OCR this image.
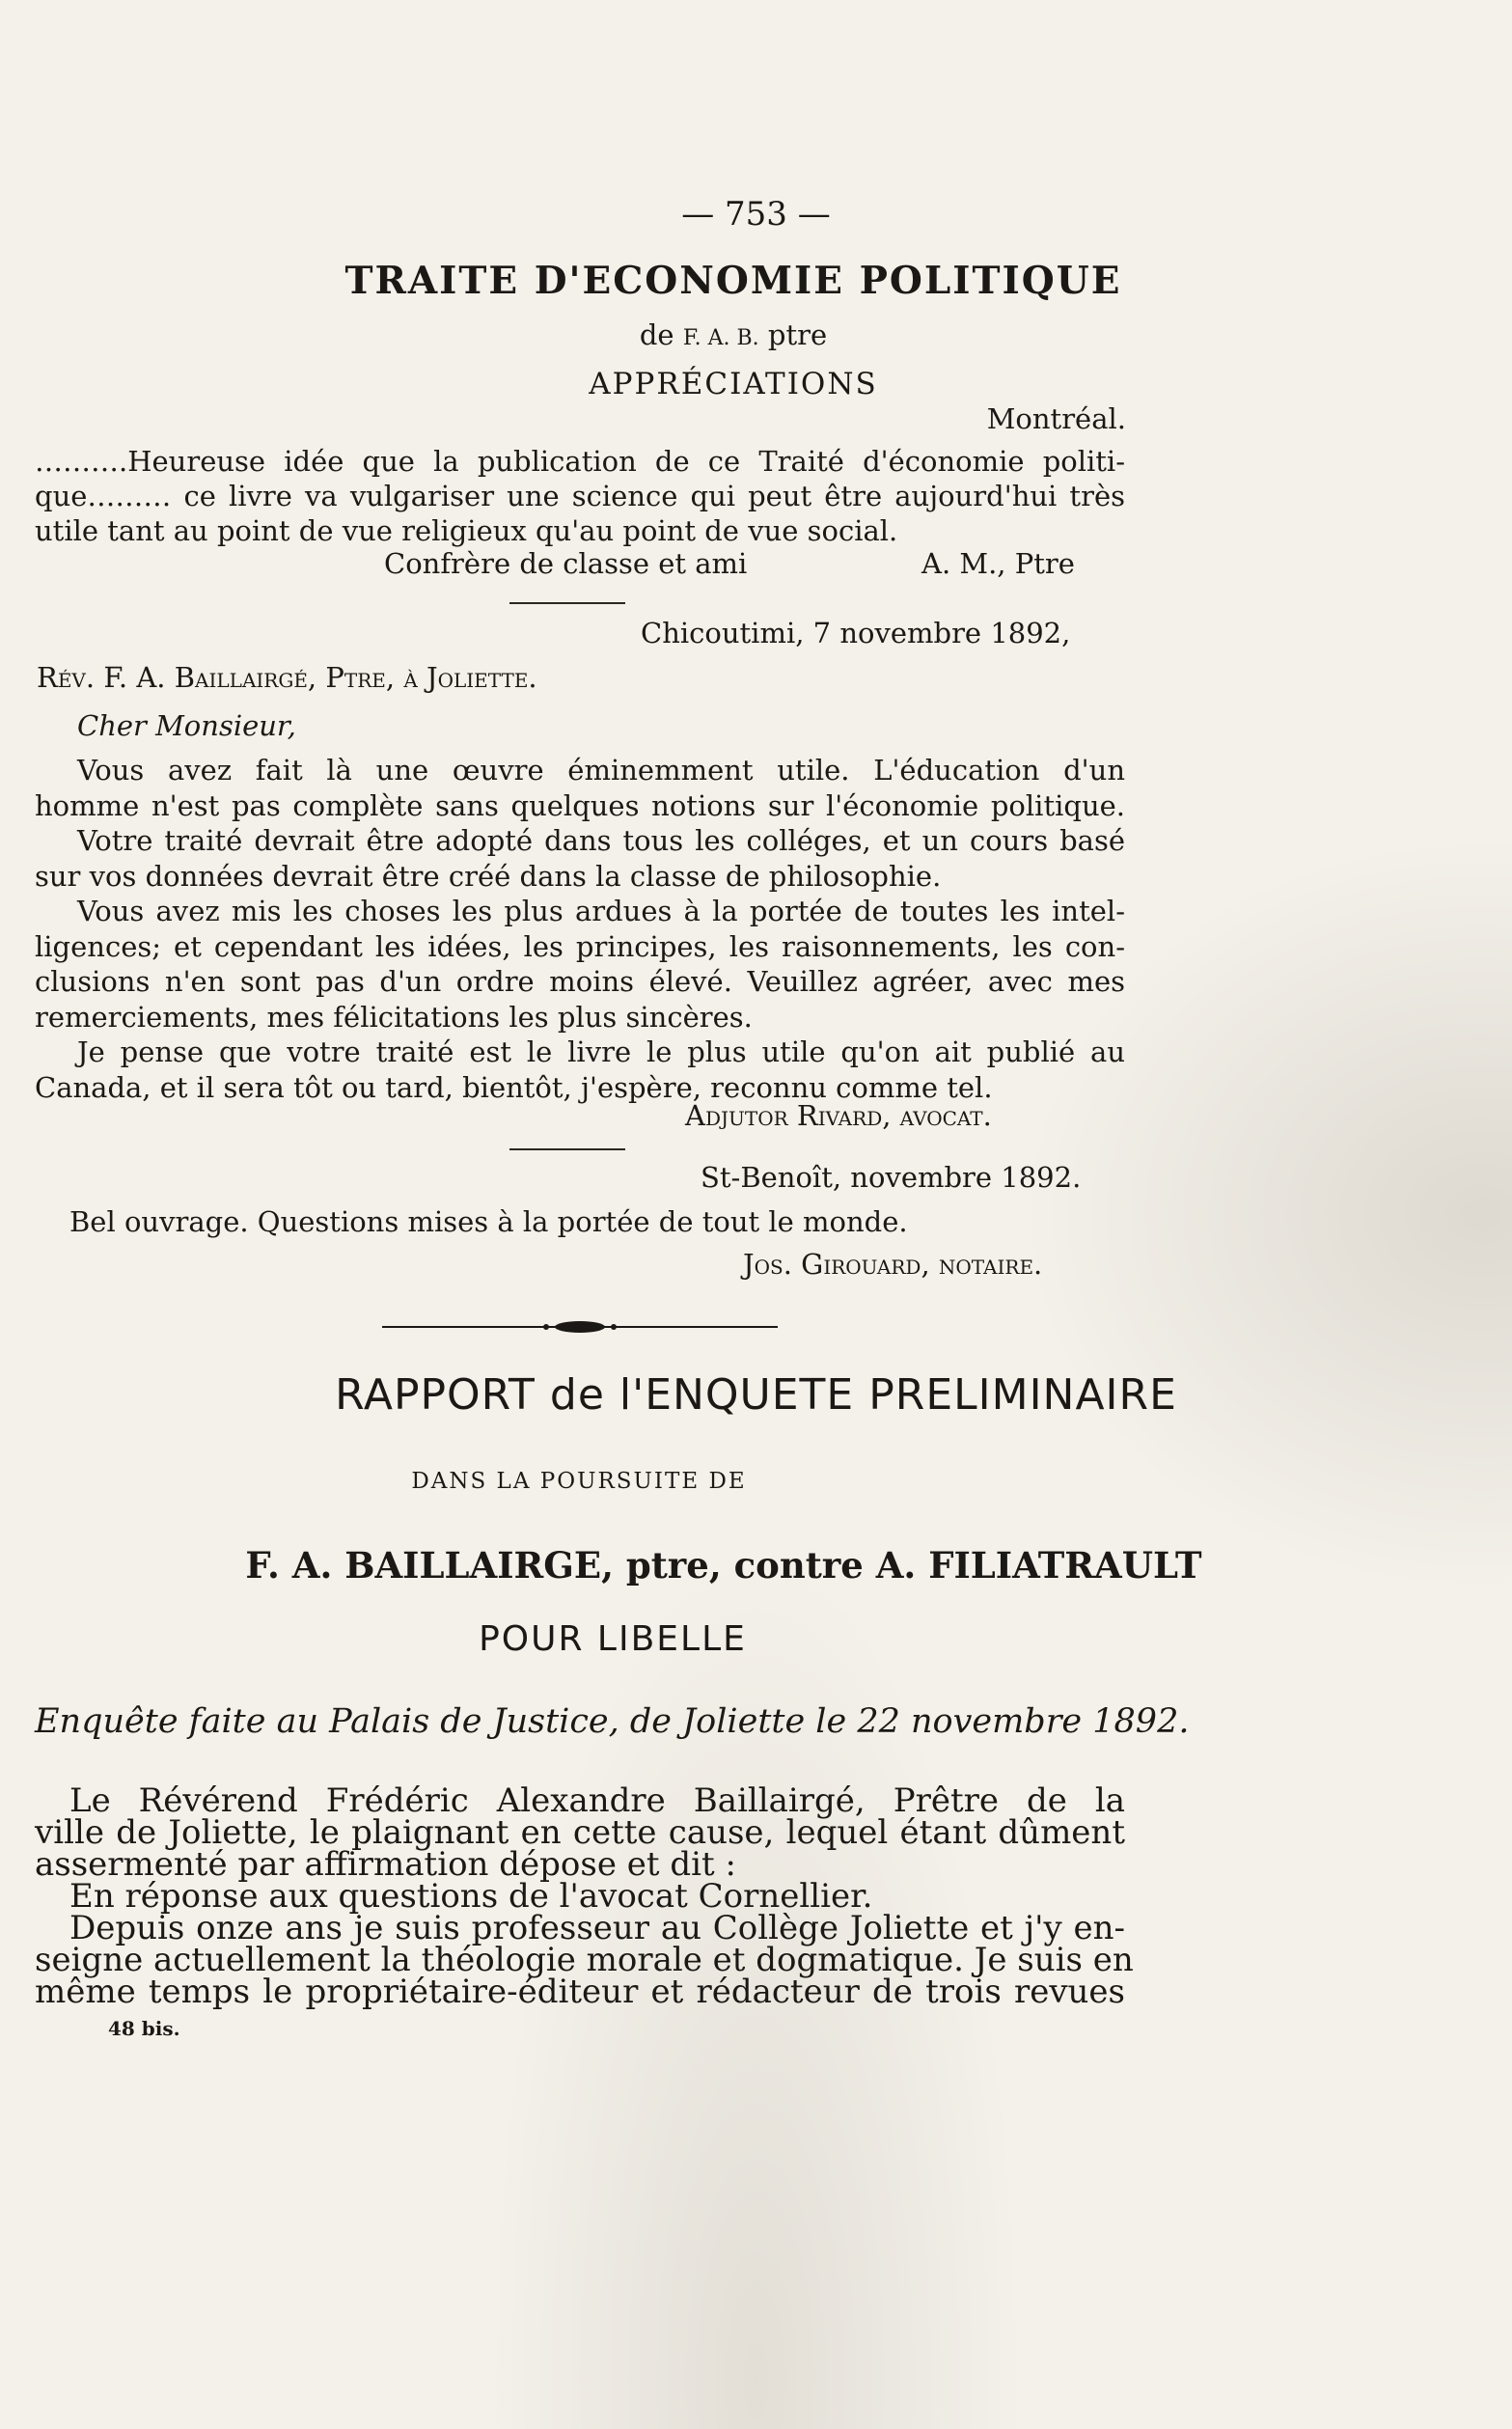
— 753 —
TRAITE D'ECONOMIE POLITIQUE
de F. A. B. ptre
APPRÉCIATIONS
Montréal.
……….Heureuse idée que la publication de ce Traité d'économie politi-
que……… ce livre va vulgariser une science qui peut être aujourd'hui très
utile tant au point de vue religieux qu'au point de vue social.
Confrère de classe et ami	A. M., Ptre
Chicoutimi, 7 novembre 1892,
Rév. F. A. Baillairgé, Ptre, à Joliette.
Cher Monsieur,
Vous avez fait là une œuvre éminemment utile. L'éducation d'un
homme n'est pas complète sans quelques notions sur l'économie politique.
Votre traité devrait être adopté dans tous les colléges, et un cours basé
sur vos données devrait être créé dans la classe de philosophie.
Vous avez mis les choses les plus ardues à la portée de toutes les intel-
ligences; et cependant les idées, les principes, les raisonnements, les con-
clusions n'en sont pas d'un ordre moins élevé. Veuillez agréer, avec mes
remerciements, mes félicitations les plus sincères.
Je pense que votre traité est le livre le plus utile qu'on ait publié au
Canada, et il sera tôt ou tard, bientôt, j'espère, reconnu comme tel.
Adjutor Rivard, avocat.
St-Benoît, novembre 1892.
Bel ouvrage. Questions mises à la portée de tout le monde.
Jos. Girouard, notaire.
RAPPORT de l'ENQUETE PRELIMINAIRE
DANS LA POURSUITE DE
F. A. BAILLAIRGE, ptre, contre A. FILIATRAULT
POUR LIBELLE
Enquête faite au Palais de Justice, de Joliette le 22 novembre 1892.
Le Révérend Frédéric Alexandre Baillairgé, Prêtre de la
ville de Joliette, le plaignant en cette cause, lequel étant dûment
assermenté par affirmation dépose et dit :
En réponse aux questions de l'avocat Cornellier.
Depuis onze ans je suis professeur au Collège Joliette et j'y en-
seigne actuellement la théologie morale et dogmatique. Je suis en
même temps le propriétaire-éditeur et rédacteur de trois revues
48 bis.
